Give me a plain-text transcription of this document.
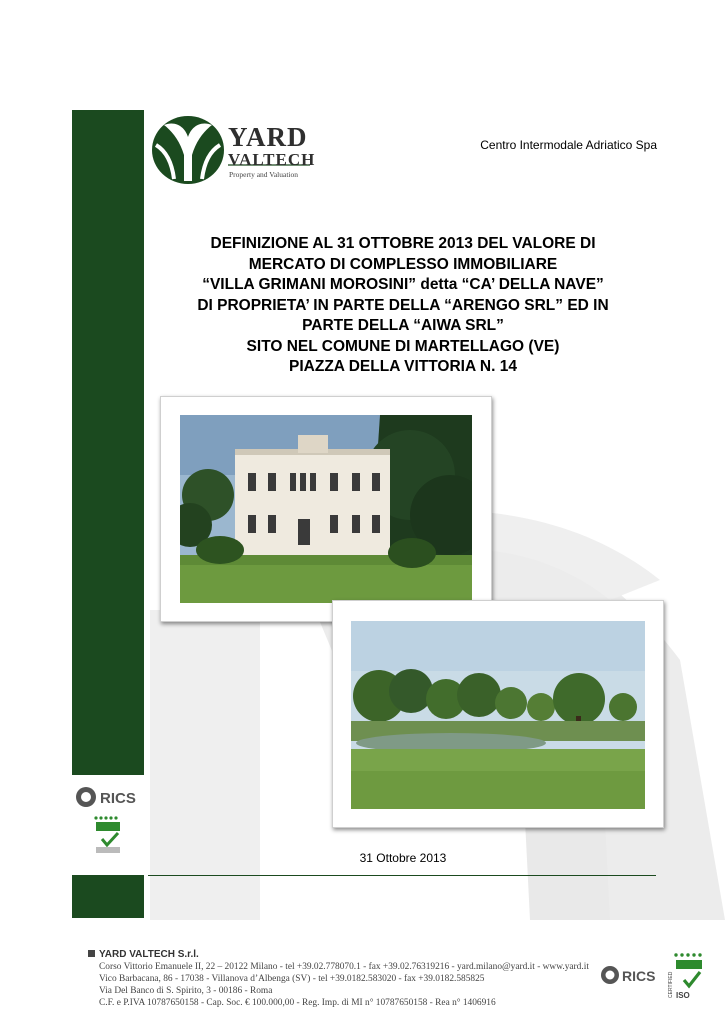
YARD
VALTECH
Property and Valuation
Centro Intermodale Adriatico Spa
DEFINIZIONE AL 31 OTTOBRE 2013 DEL VALORE DI
MERCATO DI COMPLESSO IMMOBILIARE
“VILLA GRIMANI MOROSINI” detta “CA’ DELLA NAVE”
DI PROPRIETA’ IN PARTE DELLA “ARENGO SRL” ED IN
PARTE DELLA “AIWA SRL”
SITO NEL COMUNE DI MARTELLAGO (VE)
PIAZZA DELLA VITTORIA N. 14
RICS
31 Ottobre 2013
YARD VALTECH S.r.l.
Corso Vittorio Emanuele II, 22 – 20122 Milano - tel +39.02.778070.1 - fax +39.02.76319216 - yard.milano@yard.it - www.yard.it
Vico Barbacana, 86 - 17038 - Villanova d’Albenga (SV) - tel +39.0182.583020 - fax +39.0182.585825
Via Del Banco di S. Spirito, 3 - 00186 - Roma
C.F. e P.IVA 10787650158 - Cap. Soc. € 100.000,00 - Reg. Imp. di MI n° 10787650158 - Rea n° 1406916
RICS
ISO
CERTIFIED
